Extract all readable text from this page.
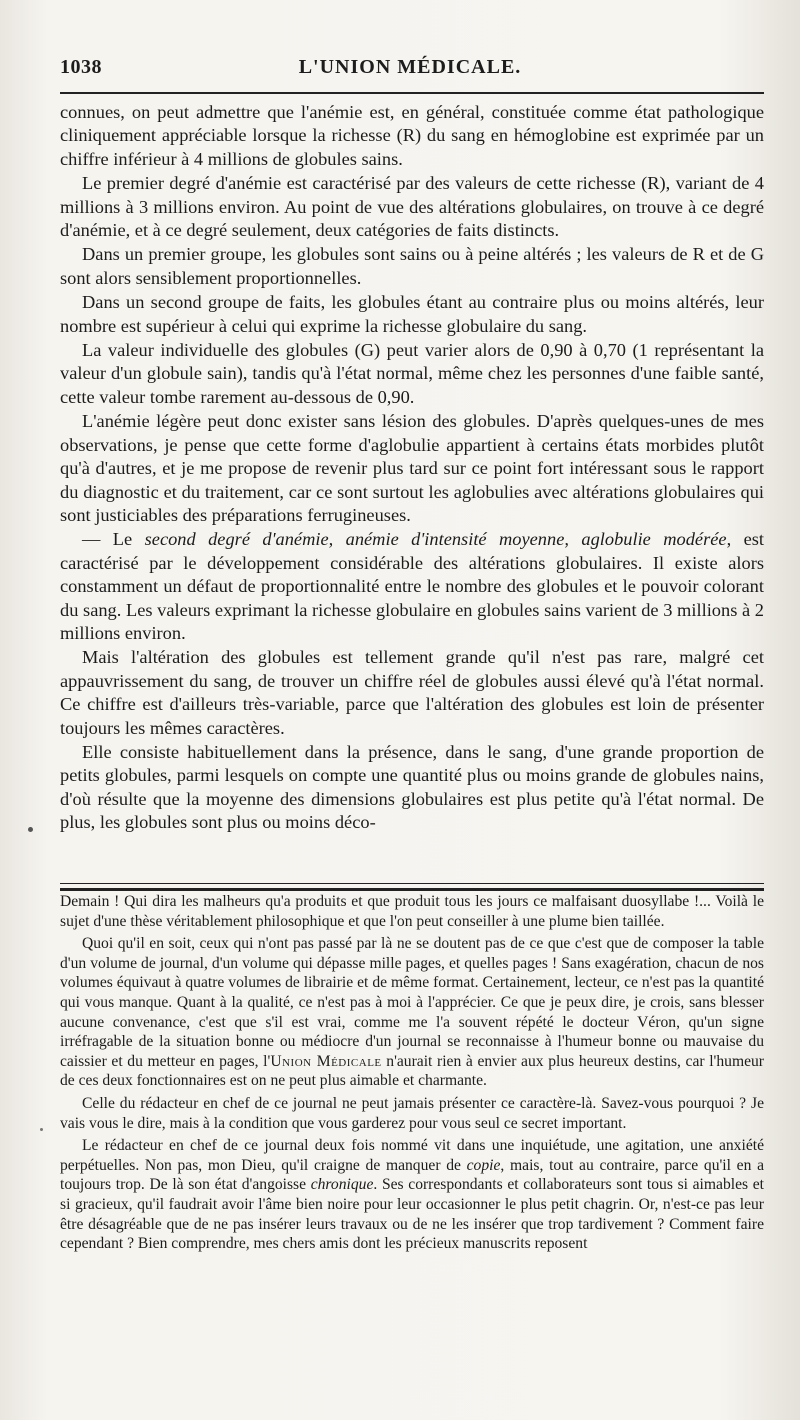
1038	L'UNION MÉDICALE.

connues, on peut admettre que l'anémie est, en général, constituée comme état pathologique cliniquement appréciable lorsque la richesse (R) du sang en hémoglobine est exprimée par un chiffre inférieur à 4 millions de globules sains.

Le premier degré d'anémie est caractérisé par des valeurs de cette richesse (R), variant de 4 millions à 3 millions environ. Au point de vue des altérations globulaires, on trouve à ce degré d'anémie, et à ce degré seulement, deux catégories de faits distincts.

Dans un premier groupe, les globules sont sains ou à peine altérés ; les valeurs de R et de G sont alors sensiblement proportionnelles.

Dans un second groupe de faits, les globules étant au contraire plus ou moins altérés, leur nombre est supérieur à celui qui exprime la richesse globulaire du sang.

La valeur individuelle des globules (G) peut varier alors de 0,90 à 0,70 (1 représentant la valeur d'un globule sain), tandis qu'à l'état normal, même chez les personnes d'une faible santé, cette valeur tombe rarement au-dessous de 0,90.

L'anémie légère peut donc exister sans lésion des globules. D'après quelques-unes de mes observations, je pense que cette forme d'aglobulie appartient à certains états morbides plutôt qu'à d'autres, et je me propose de revenir plus tard sur ce point fort intéressant sous le rapport du diagnostic et du traitement, car ce sont surtout les aglobulies avec altérations globulaires qui sont justiciables des préparations ferrugineuses.

— Le second degré d'anémie, anémie d'intensité moyenne, aglobulie modérée, est caractérisé par le développement considérable des altérations globulaires. Il existe alors constamment un défaut de proportionnalité entre le nombre des globules et le pouvoir colorant du sang. Les valeurs exprimant la richesse globulaire en globules sains varient de 3 millions à 2 millions environ.

Mais l'altération des globules est tellement grande qu'il n'est pas rare, malgré cet appauvrissement du sang, de trouver un chiffre réel de globules aussi élevé qu'à l'état normal. Ce chiffre est d'ailleurs très-variable, parce que l'altération des globules est loin de présenter toujours les mêmes caractères.

Elle consiste habituellement dans la présence, dans le sang, d'une grande proportion de petits globules, parmi lesquels on compte une quantité plus ou moins grande de globules nains, d'où résulte que la moyenne des dimensions globulaires est plus petite qu'à l'état normal. De plus, les globules sont plus ou moins déco-

Demain ! Qui dira les malheurs qu'a produits et que produit tous les jours ce malfaisant duosyllabe !... Voilà le sujet d'une thèse véritablement philosophique et que l'on peut conseiller à une plume bien taillée.

Quoi qu'il en soit, ceux qui n'ont pas passé par là ne se doutent pas de ce que c'est que de composer la table d'un volume de journal, d'un volume qui dépasse mille pages, et quelles pages ! Sans exagération, chacun de nos volumes équivaut à quatre volumes de librairie et de même format. Certainement, lecteur, ce n'est pas la quantité qui vous manque. Quant à la qualité, ce n'est pas à moi à l'apprécier. Ce que je peux dire, je crois, sans blesser aucune convenance, c'est que s'il est vrai, comme me l'a souvent répété le docteur Véron, qu'un signe irréfragable de la situation bonne ou médiocre d'un journal se reconnaisse à l'humeur bonne ou mauvaise du caissier et du metteur en pages, l'Union Médicale n'aurait rien à envier aux plus heureux destins, car l'humeur de ces deux fonctionnaires est on ne peut plus aimable et charmante.

Celle du rédacteur en chef de ce journal ne peut jamais présenter ce caractère-là. Savez-vous pourquoi ? Je vais vous le dire, mais à la condition que vous garderez pour vous seul ce secret important.

Le rédacteur en chef de ce journal deux fois nommé vit dans une inquiétude, une agitation, une anxiété perpétuelles. Non pas, mon Dieu, qu'il craigne de manquer de copie, mais, tout au contraire, parce qu'il en a toujours trop. De là son état d'angoisse chronique. Ses correspondants et collaborateurs sont tous si aimables et si gracieux, qu'il faudrait avoir l'âme bien noire pour leur occasionner le plus petit chagrin. Or, n'est-ce pas leur être désagréable que de ne pas insérer leurs travaux ou de ne les insérer que trop tardivement ? Comment faire cependant ? Bien comprendre, mes chers amis dont les précieux manuscrits reposent
